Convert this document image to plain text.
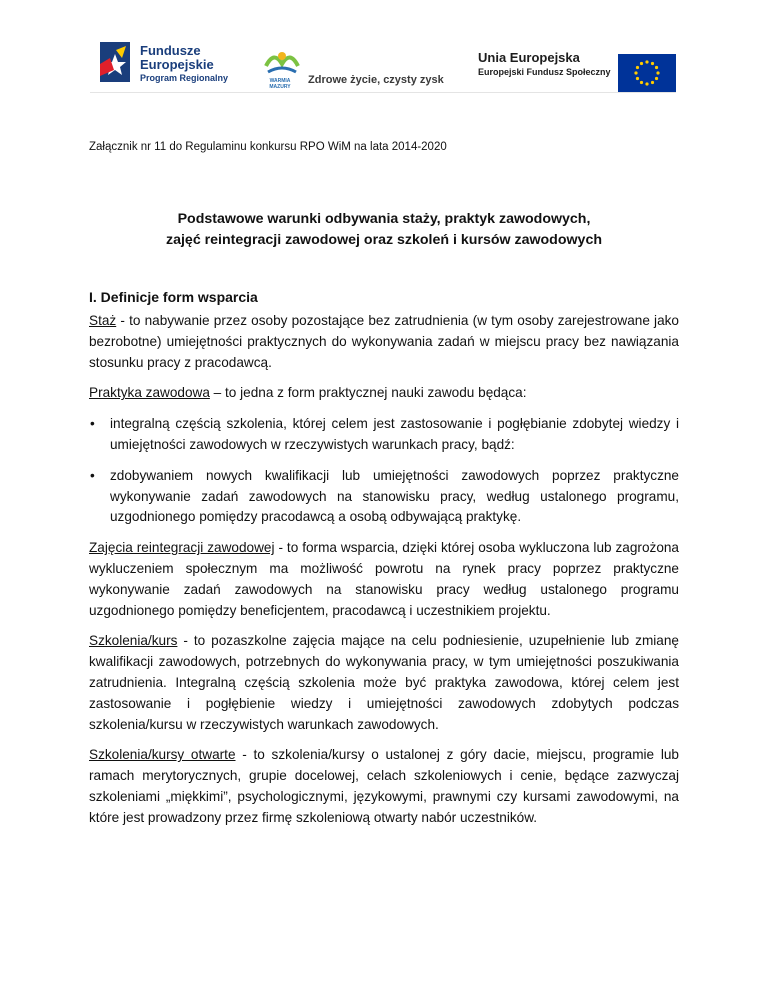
Fundusze
Europejskie
Program Regionalny	WARMIA MAZURY
Zdrowe życie, czysty zysk
Unia Europejska
Europejski Fundusz Społeczny
Załącznik nr 11 do Regulaminu konkursu RPO WiM na lata 2014-2020
Podstawowe warunki odbywania staży, praktyk zawodowych,
zajęć reintegracji zawodowej oraz szkoleń i kursów zawodowych
I. Definicje form wsparcia

Staż - to nabywanie przez osoby pozostające bez zatrudnienia (w tym osoby zarejestrowane jako bezrobotne) umiejętności praktycznych do wykonywania zadań w miejscu pracy bez nawiązania stosunku pracy z pracodawcą.

Praktyka zawodowa – to jedna z form praktycznej nauki zawodu będąca:

•	integralną częścią szkolenia, której celem jest zastosowanie i pogłębianie zdobytej wiedzy i umiejętności zawodowych w rzeczywistych warunkach pracy, bądź:
•	zdobywaniem nowych kwalifikacji lub umiejętności zawodowych poprzez praktyczne wykonywanie zadań zawodowych na stanowisku pracy, według ustalonego programu, uzgodnionego pomiędzy pracodawcą a osobą odbywającą praktykę.

Zajęcia reintegracji zawodowej - to forma wsparcia, dzięki której osoba wykluczona lub zagrożona wykluczeniem społecznym ma możliwość powrotu na rynek pracy poprzez praktyczne wykonywanie zadań zawodowych na stanowisku pracy według ustalonego programu uzgodnionego pomiędzy beneficjentem, pracodawcą i uczestnikiem projektu.

Szkolenia/kurs - to pozaszkolne zajęcia mające na celu podniesienie, uzupełnienie lub zmianę kwalifikacji zawodowych, potrzebnych do wykonywania pracy, w tym umiejętności poszukiwania zatrudnienia. Integralną częścią szkolenia może być praktyka zawodowa, której celem jest zastosowanie i pogłębienie wiedzy i umiejętności zawodowych zdobytych podczas szkolenia/kursu w rzeczywistych warunkach zawodowych.

Szkolenia/kursy otwarte - to szkolenia/kursy o ustalonej z góry dacie, miejscu, programie lub ramach merytorycznych, grupie docelowej, celach szkoleniowych i cenie, będące zazwyczaj szkoleniami „miękkimi”, psychologicznymi, językowymi, prawnymi czy kursami zawodowymi, na które jest prowadzony przez firmę szkoleniową otwarty nabór uczestników.
